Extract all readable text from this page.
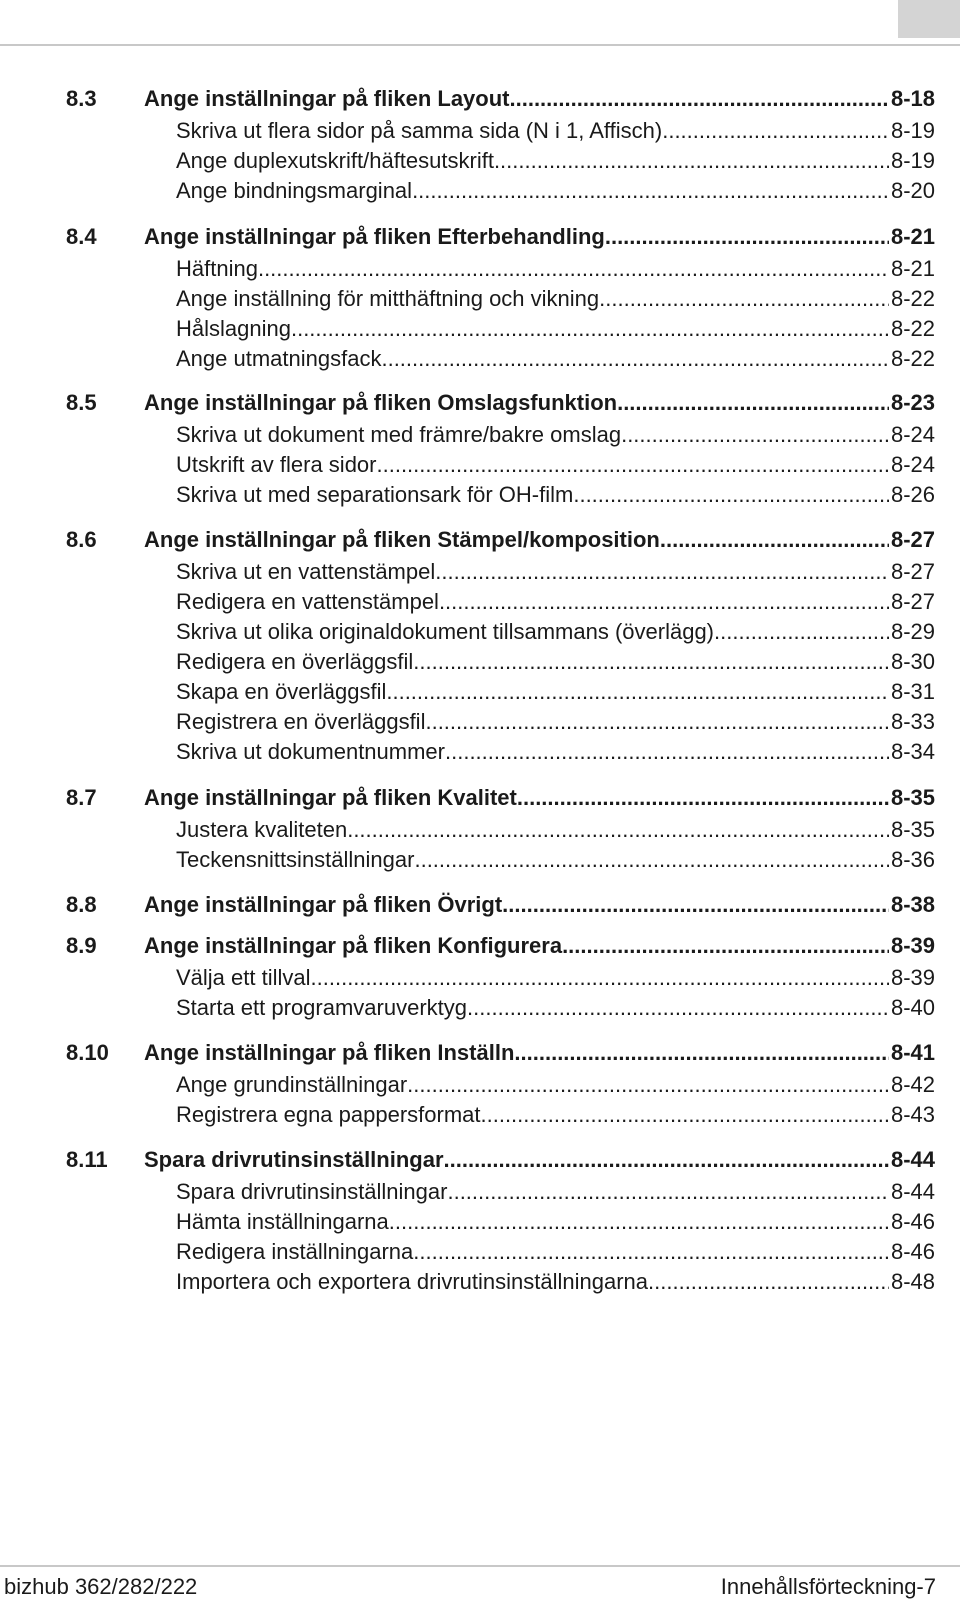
8.3 Ange inställningar på fliken Layout .....	8-18
Skriva ut flera sidor på samma sida (N i 1, Affisch) .....	8-19
Ange duplexutskrift/häftesutskrift .....	8-19
Ange bindningsmarginal .....	8-20
8.4 Ange inställningar på fliken Efterbehandling .....	8-21
Häftning .....	8-21
Ange inställning för mitthäftning och vikning .....	8-22
Hålslagning .....	8-22
Ange utmatningsfack .....	8-22
8.5 Ange inställningar på fliken Omslagsfunktion .....	8-23
Skriva ut dokument med främre/bakre omslag .....	8-24
Utskrift av flera sidor .....	8-24
Skriva ut med separationsark för OH-film .....	8-26
8.6 Ange inställningar på fliken Stämpel/komposition .....	8-27
Skriva ut en vattenstämpel .....	8-27
Redigera en vattenstämpel .....	8-27
Skriva ut olika originaldokument tillsammans (överlägg) .....	8-29
Redigera en överläggsfil .....	8-30
Skapa en överläggsfil .....	8-31
Registrera en överläggsfil .....	8-33
Skriva ut dokumentnummer .....	8-34
8.7 Ange inställningar på fliken Kvalitet .....	8-35
Justera kvaliteten .....	8-35
Teckensnittsinställningar .....	8-36
8.8 Ange inställningar på fliken Övrigt .....	8-38
8.9 Ange inställningar på fliken Konfigurera .....	8-39
Välja ett tillval .....	8-39
Starta ett programvaruverktyg .....	8-40
8.10 Ange inställningar på fliken Inställn. .....	8-41
Ange grundinställningar .....	8-42
Registrera egna pappersformat .....	8-43
8.11 Spara drivrutinsinställningar .....	8-44
Spara drivrutinsinställningar .....	8-44
Hämta inställningarna .....	8-46
Redigera inställningarna .....	8-46
Importera och exportera drivrutinsinställningarna .....	8-48
bizhub 362/282/222	Innehållsförteckning-7
